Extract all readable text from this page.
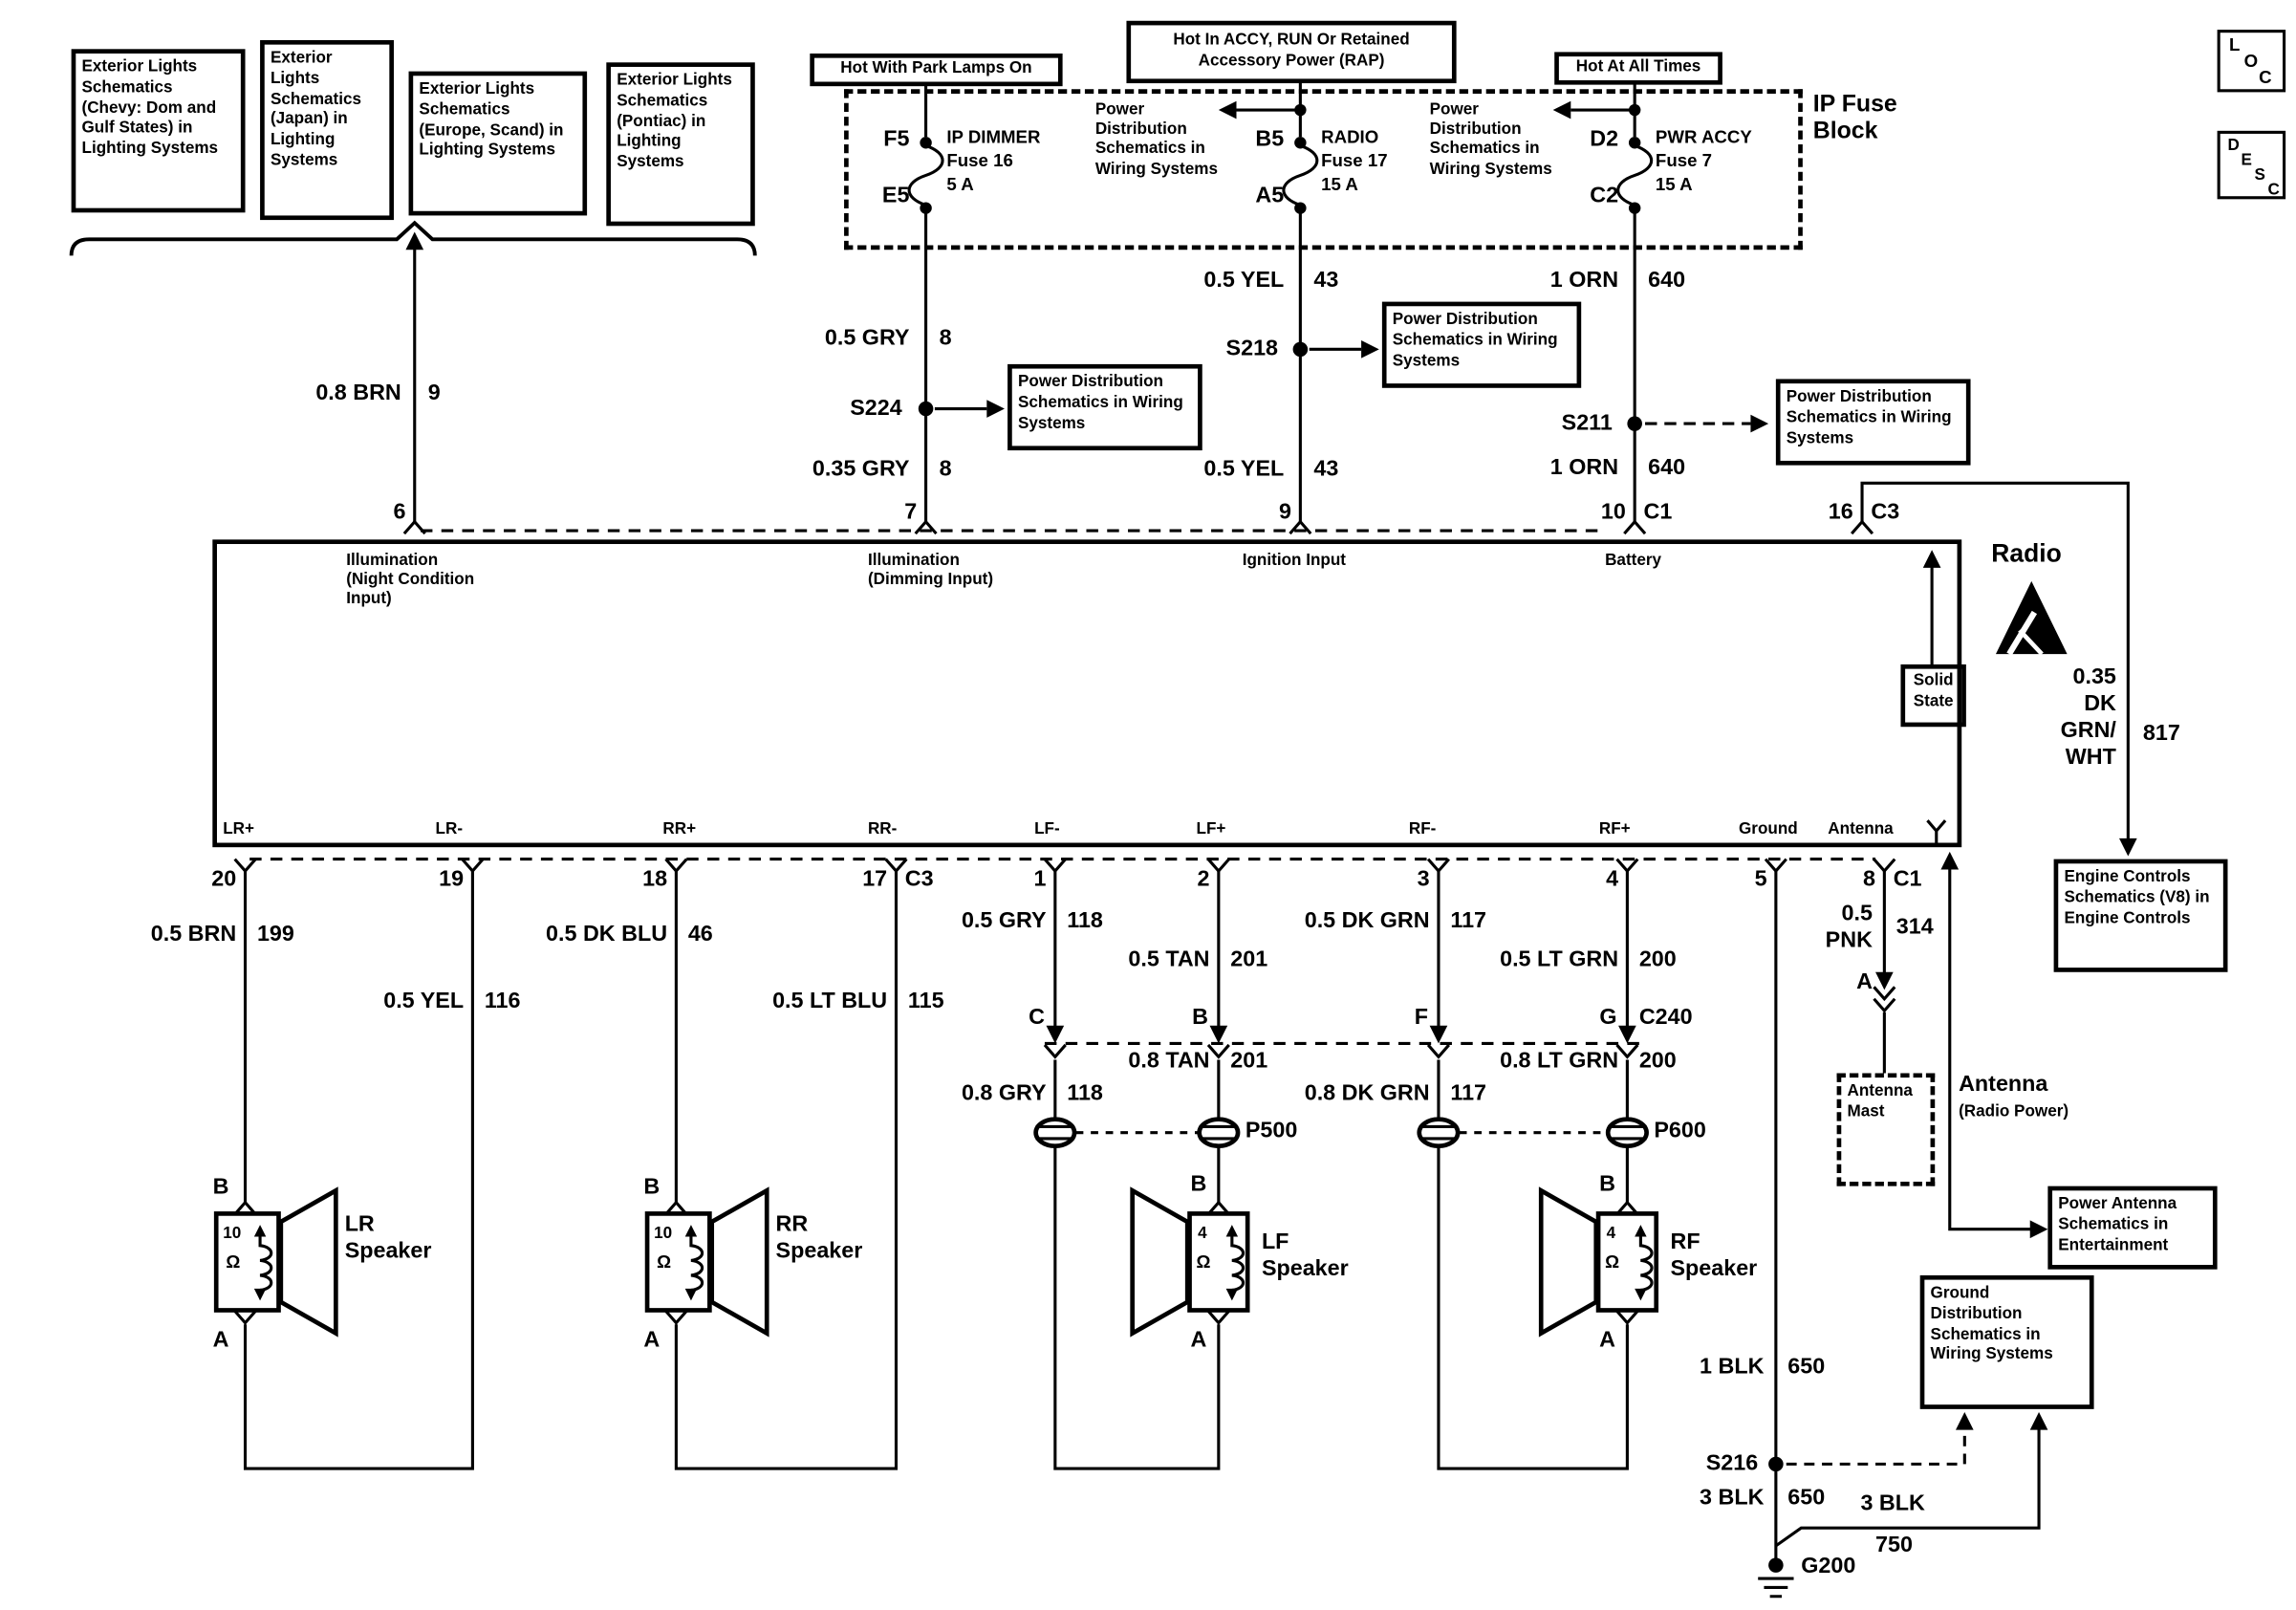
Exterior Lights Schematics (Chevy: Dom and Gulf States) in Lighting Systems
Exterior Lights Schematics (Japan) in Lighting Systems
Exterior Lights Schematics (Europe, Scand) in Lighting Systems
Exterior Lights Schematics (Pontiac) in Lighting Systems
Hot With Park Lamps On
Hot In ACCY, RUN Or Retained Accessory Power (RAP)	Hot At All Times
IP Fuse Block
F5
E5
IP DIMMER
Fuse 16
5 A
B5
A5
RADIO
Fuse 17
15 A
D2
C2
PWR ACCY
Fuse 7
15 A
Power Distribution Schematics in Wiring Systems
Power Distribution Schematics in Wiring Systems
0.8 BRN 9
0.5 GRY 8
S224
Power Distribution Schematics in Wiring Systems
0.35 GRY 8
0.5 YEL 43
S218
Power Distribution Schematics in Wiring Systems
0.5 YEL 43
1 ORN 640
S211
Power Distribution Schematics in Wiring Systems
1 ORN 640
6	7	9	10 C1	16 C3
Illumination (Night Condition Input)
Illumination (Dimming Input)
Ignition Input	Battery
Solid State
Radio
LR+	LR-	RR+	RR-	LF-	LF+	RF-	RF+	Ground	Antenna
20	19	18	17 C3	1	2	3	4	5	8 C1
0.35
DK
GRN/
WHT
817
Engine Controls Schematics (V8) in Engine Controls
0.5 BRN 199
0.5 YEL 116
0.5 DK BLU 46
0.5 LT BLU 115
0.5 GRY 118
0.5 TAN 201
0.5 DK GRN 117
0.5 LT GRN 200
C	B	F	G C240
0.8 TAN 201
0.8 GRY 118
0.8 LT GRN 200
0.8 DK GRN 117
P500	P600
B
10
Ω
A
LR
Speaker
B
10
Ω
A
RR
Speaker
B
4
Ω
A
LF
Speaker
B
4
Ω
A
RF
Speaker
0.5
PNK
314
A
Antenna
Mast
Antenna
(Radio Power)
Power Antenna Schematics in Entertainment
Ground Distribution Schematics in Wiring Systems
1 BLK 650
S216
3 BLK 650 3 BLK
750
G200
L
O
C
D
E
S
C
